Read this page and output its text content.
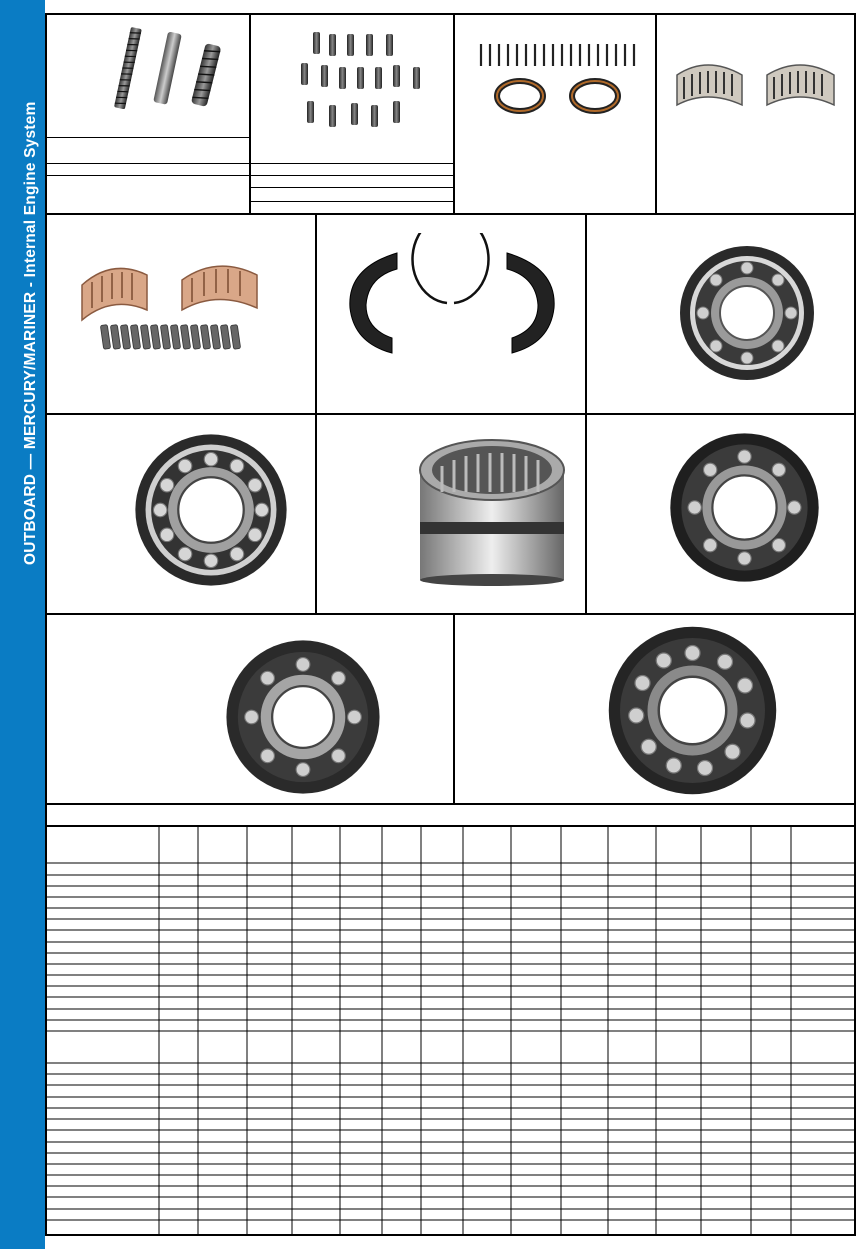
OUTBOARD — MERCURY/MARINER - Internal Engine System
